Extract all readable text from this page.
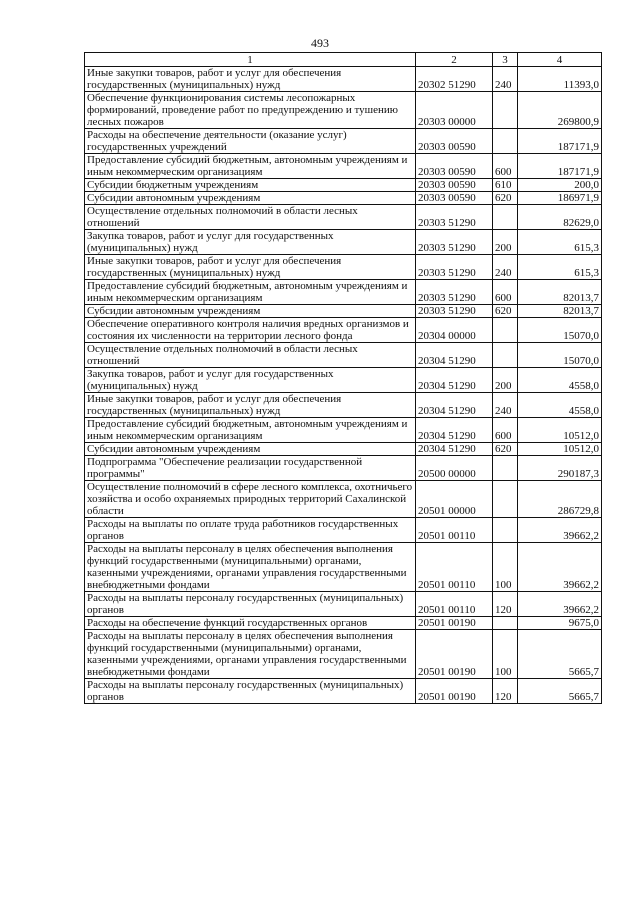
493
1	2	3	4
Иные закупки товаров, работ и услуг для обеспечения государственных (муниципальных) нужд	20302 51290	240	11393,0
Обеспечение функционирования системы лесопожарных формирований, проведение работ по предупреждению и тушению лесных пожаров	20303 00000		269800,9
Расходы на обеспечение деятельности (оказание услуг) государственных учреждений	20303 00590		187171,9
Предоставление субсидий бюджетным, автономным учреждениям и иным некоммерческим организациям	20303 00590	600	187171,9
Субсидии бюджетным учреждениям	20303 00590	610	200,0
Субсидии автономным учреждениям	20303 00590	620	186971,9
Осуществление отдельных полномочий в области лесных отношений	20303 51290		82629,0
Закупка товаров, работ и услуг для государственных (муниципальных) нужд	20303 51290	200	615,3
Иные закупки товаров, работ и услуг для обеспечения государственных (муниципальных) нужд	20303 51290	240	615,3
Предоставление субсидий бюджетным, автономным учреждениям и иным некоммерческим организациям	20303 51290	600	82013,7
Субсидии автономным учреждениям	20303 51290	620	82013,7
Обеспечение оперативного контроля наличия вредных организмов и состояния их численности на территории лесного фонда	20304 00000		15070,0
Осуществление отдельных полномочий в области лесных отношений	20304 51290		15070,0
Закупка товаров, работ и услуг для государственных (муниципальных) нужд	20304 51290	200	4558,0
Иные закупки товаров, работ и услуг для обеспечения государственных (муниципальных) нужд	20304 51290	240	4558,0
Предоставление субсидий бюджетным, автономным учреждениям и иным некоммерческим организациям	20304 51290	600	10512,0
Субсидии автономным учреждениям	20304 51290	620	10512,0
Подпрограмма "Обеспечение реализации государственной программы"	20500 00000		290187,3
Осуществление полномочий в сфере лесного комплекса, охотничьего хозяйства и особо охраняемых природных территорий Сахалинской области	20501 00000		286729,8
Расходы на выплаты по оплате труда работников государственных органов	20501 00110		39662,2
Расходы на выплаты персоналу в целях обеспечения выполнения функций государственными (муниципальными) органами, казенными учреждениями, органами управления государственными внебюджетными фондами	20501 00110	100	39662,2
Расходы на выплаты персоналу государственных (муниципальных) органов	20501 00110	120	39662,2
Расходы на обеспечение функций государственных органов	20501 00190		9675,0
Расходы на выплаты персоналу в целях обеспечения выполнения функций государственными (муниципальными) органами, казенными учреждениями, органами управления государственными внебюджетными фондами	20501 00190	100	5665,7
Расходы на выплаты персоналу государственных (муниципальных) органов	20501 00190	120	5665,7
